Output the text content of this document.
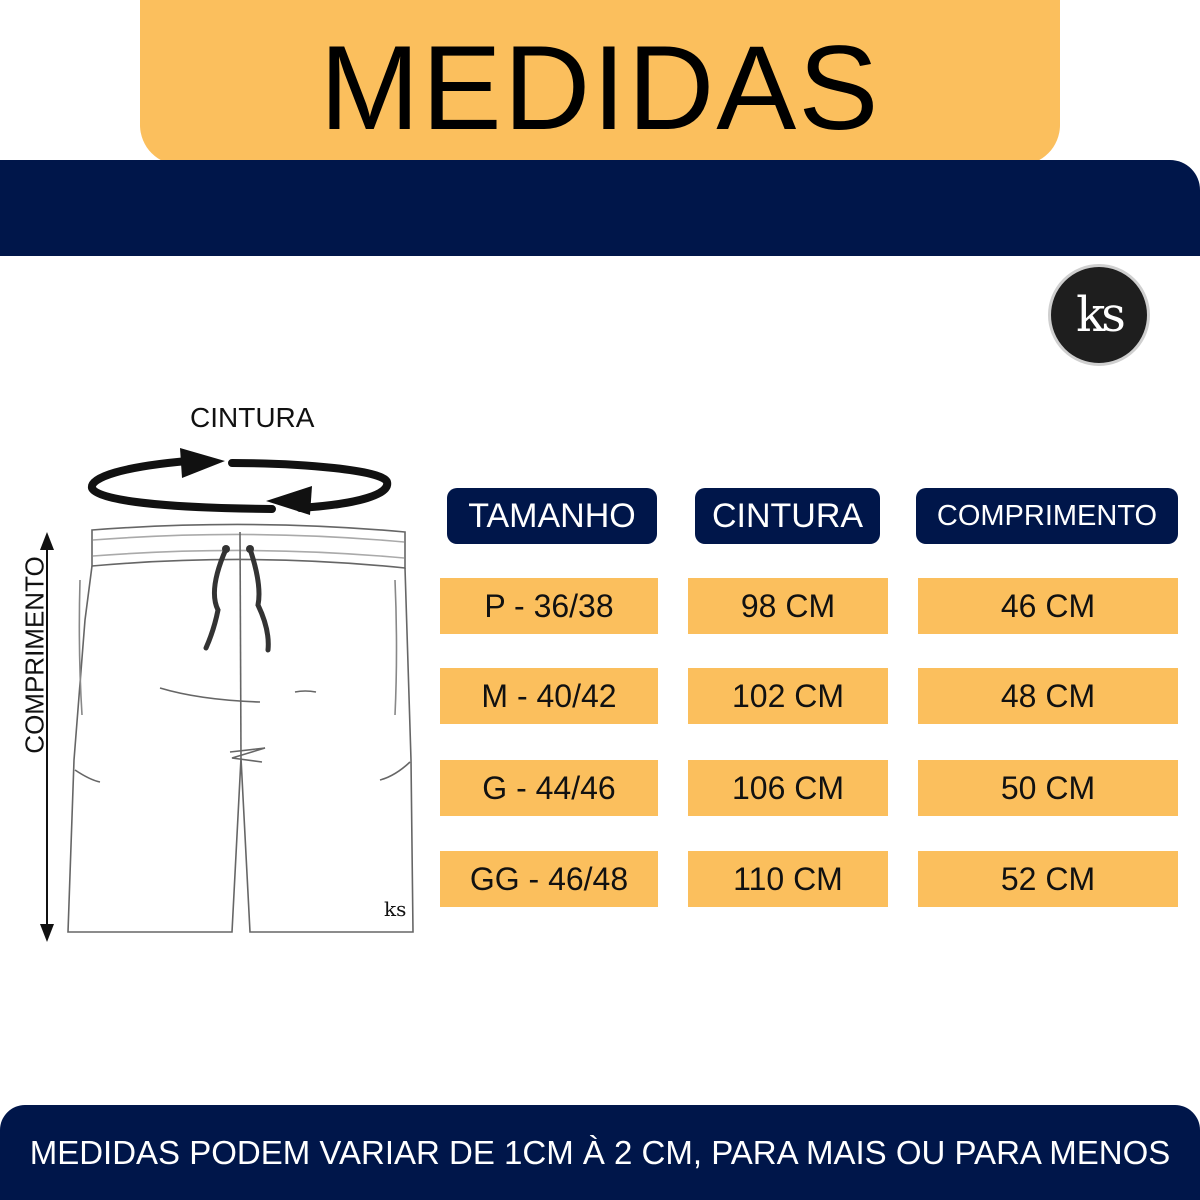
MEDIDAS
ks
CINTURA
COMPRIMENTO
ks
TAMANHO	CINTURA	COMPRIMENTO
P - 36/38	98 CM	46 CM
M - 40/42	102 CM	48 CM
G - 44/46	106 CM	50 CM
GG - 46/48	110 CM	52 CM
MEDIDAS PODEM VARIAR DE 1CM À 2 CM, PARA MAIS OU PARA MENOS
